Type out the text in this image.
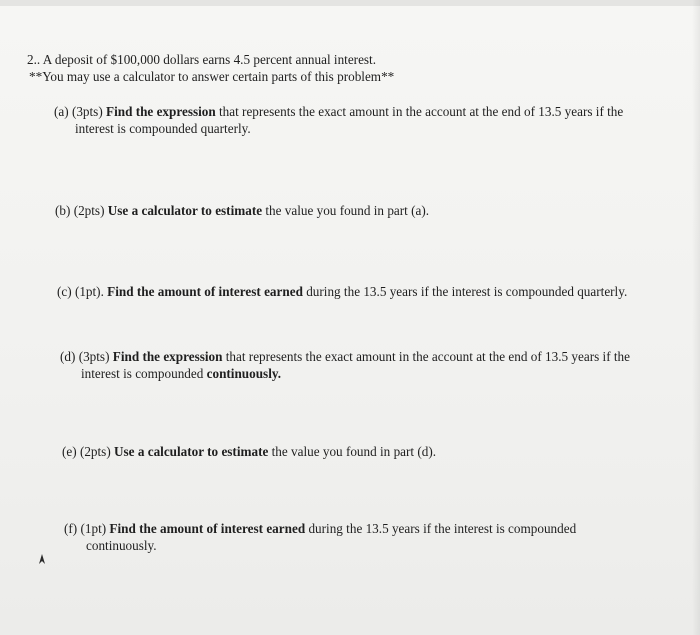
2.. A deposit of $100,000 dollars earns 4.5 percent annual interest.
**You may use a calculator to answer certain parts of this problem**
(a) (3pts) Find the expression that represents the exact amount in the account at the end of 13.5 years if the
interest is compounded quarterly.
(b) (2pts) Use a calculator to estimate the value you found in part (a).
(c) (1pt). Find the amount of interest earned during the 13.5 years if the interest is compounded quarterly.
(d) (3pts) Find the expression that represents the exact amount in the account at the end of 13.5 years if the
interest is compounded continuously.
(e) (2pts) Use a calculator to estimate the value you found in part (d).
(f) (1pt) Find the amount of interest earned during the 13.5 years if the interest is compounded
continuously.
